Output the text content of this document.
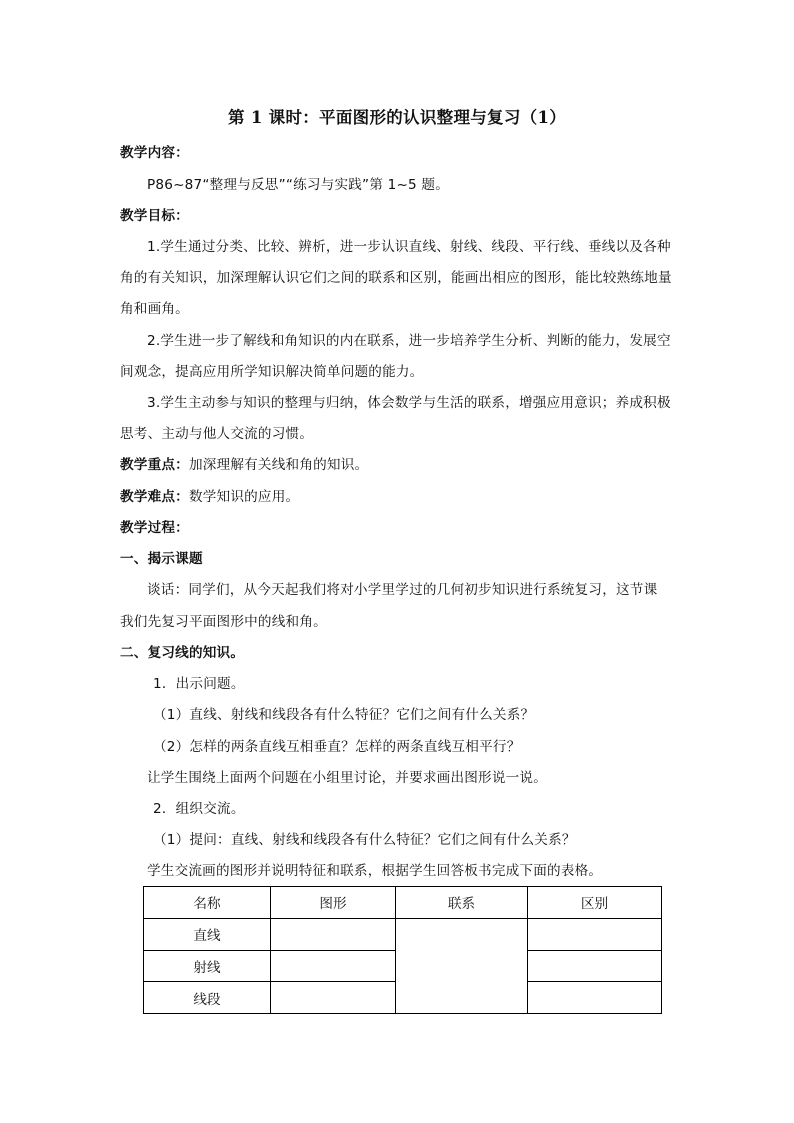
第 1 课时：平面图形的认识整理与复习（1）
教学内容：
P86~87“整理与反思”“练习与实践”第 1~5 题。
教学目标：
1.学生通过分类、比较、辨析，进一步认识直线、射线、线段、平行线、垂线以及各种
角的有关知识，加深理解认识它们之间的联系和区别，能画出相应的图形，能比较熟练地量
角和画角。
2.学生进一步了解线和角知识的内在联系，进一步培养学生分析、判断的能力，发展空
间观念，提高应用所学知识解决简单问题的能力。
3.学生主动参与知识的整理与归纳，体会数学与生活的联系，增强应用意识；养成积极
思考、主动与他人交流的习惯。
教学重点：加深理解有关线和角的知识。
教学难点：数学知识的应用。
教学过程：
一、揭示课题
谈话：同学们，从今天起我们将对小学里学过的几何初步知识进行系统复习，这节课
我们先复习平面图形中的线和角。
二、复习线的知识。
1．出示问题。
（1）直线、射线和线段各有什么特征？它们之间有什么关系？
（2）怎样的两条直线互相垂直？怎样的两条直线互相平行？
让学生围绕上面两个问题在小组里讨论，并要求画出图形说一说。
2．组织交流。
（1）提问：直线、射线和线段各有什么特征？它们之间有什么关系？
学生交流画的图形并说明特征和联系，根据学生回答板书完成下面的表格。
名称	图形	联系	区别
直线			
射线			
线段			
